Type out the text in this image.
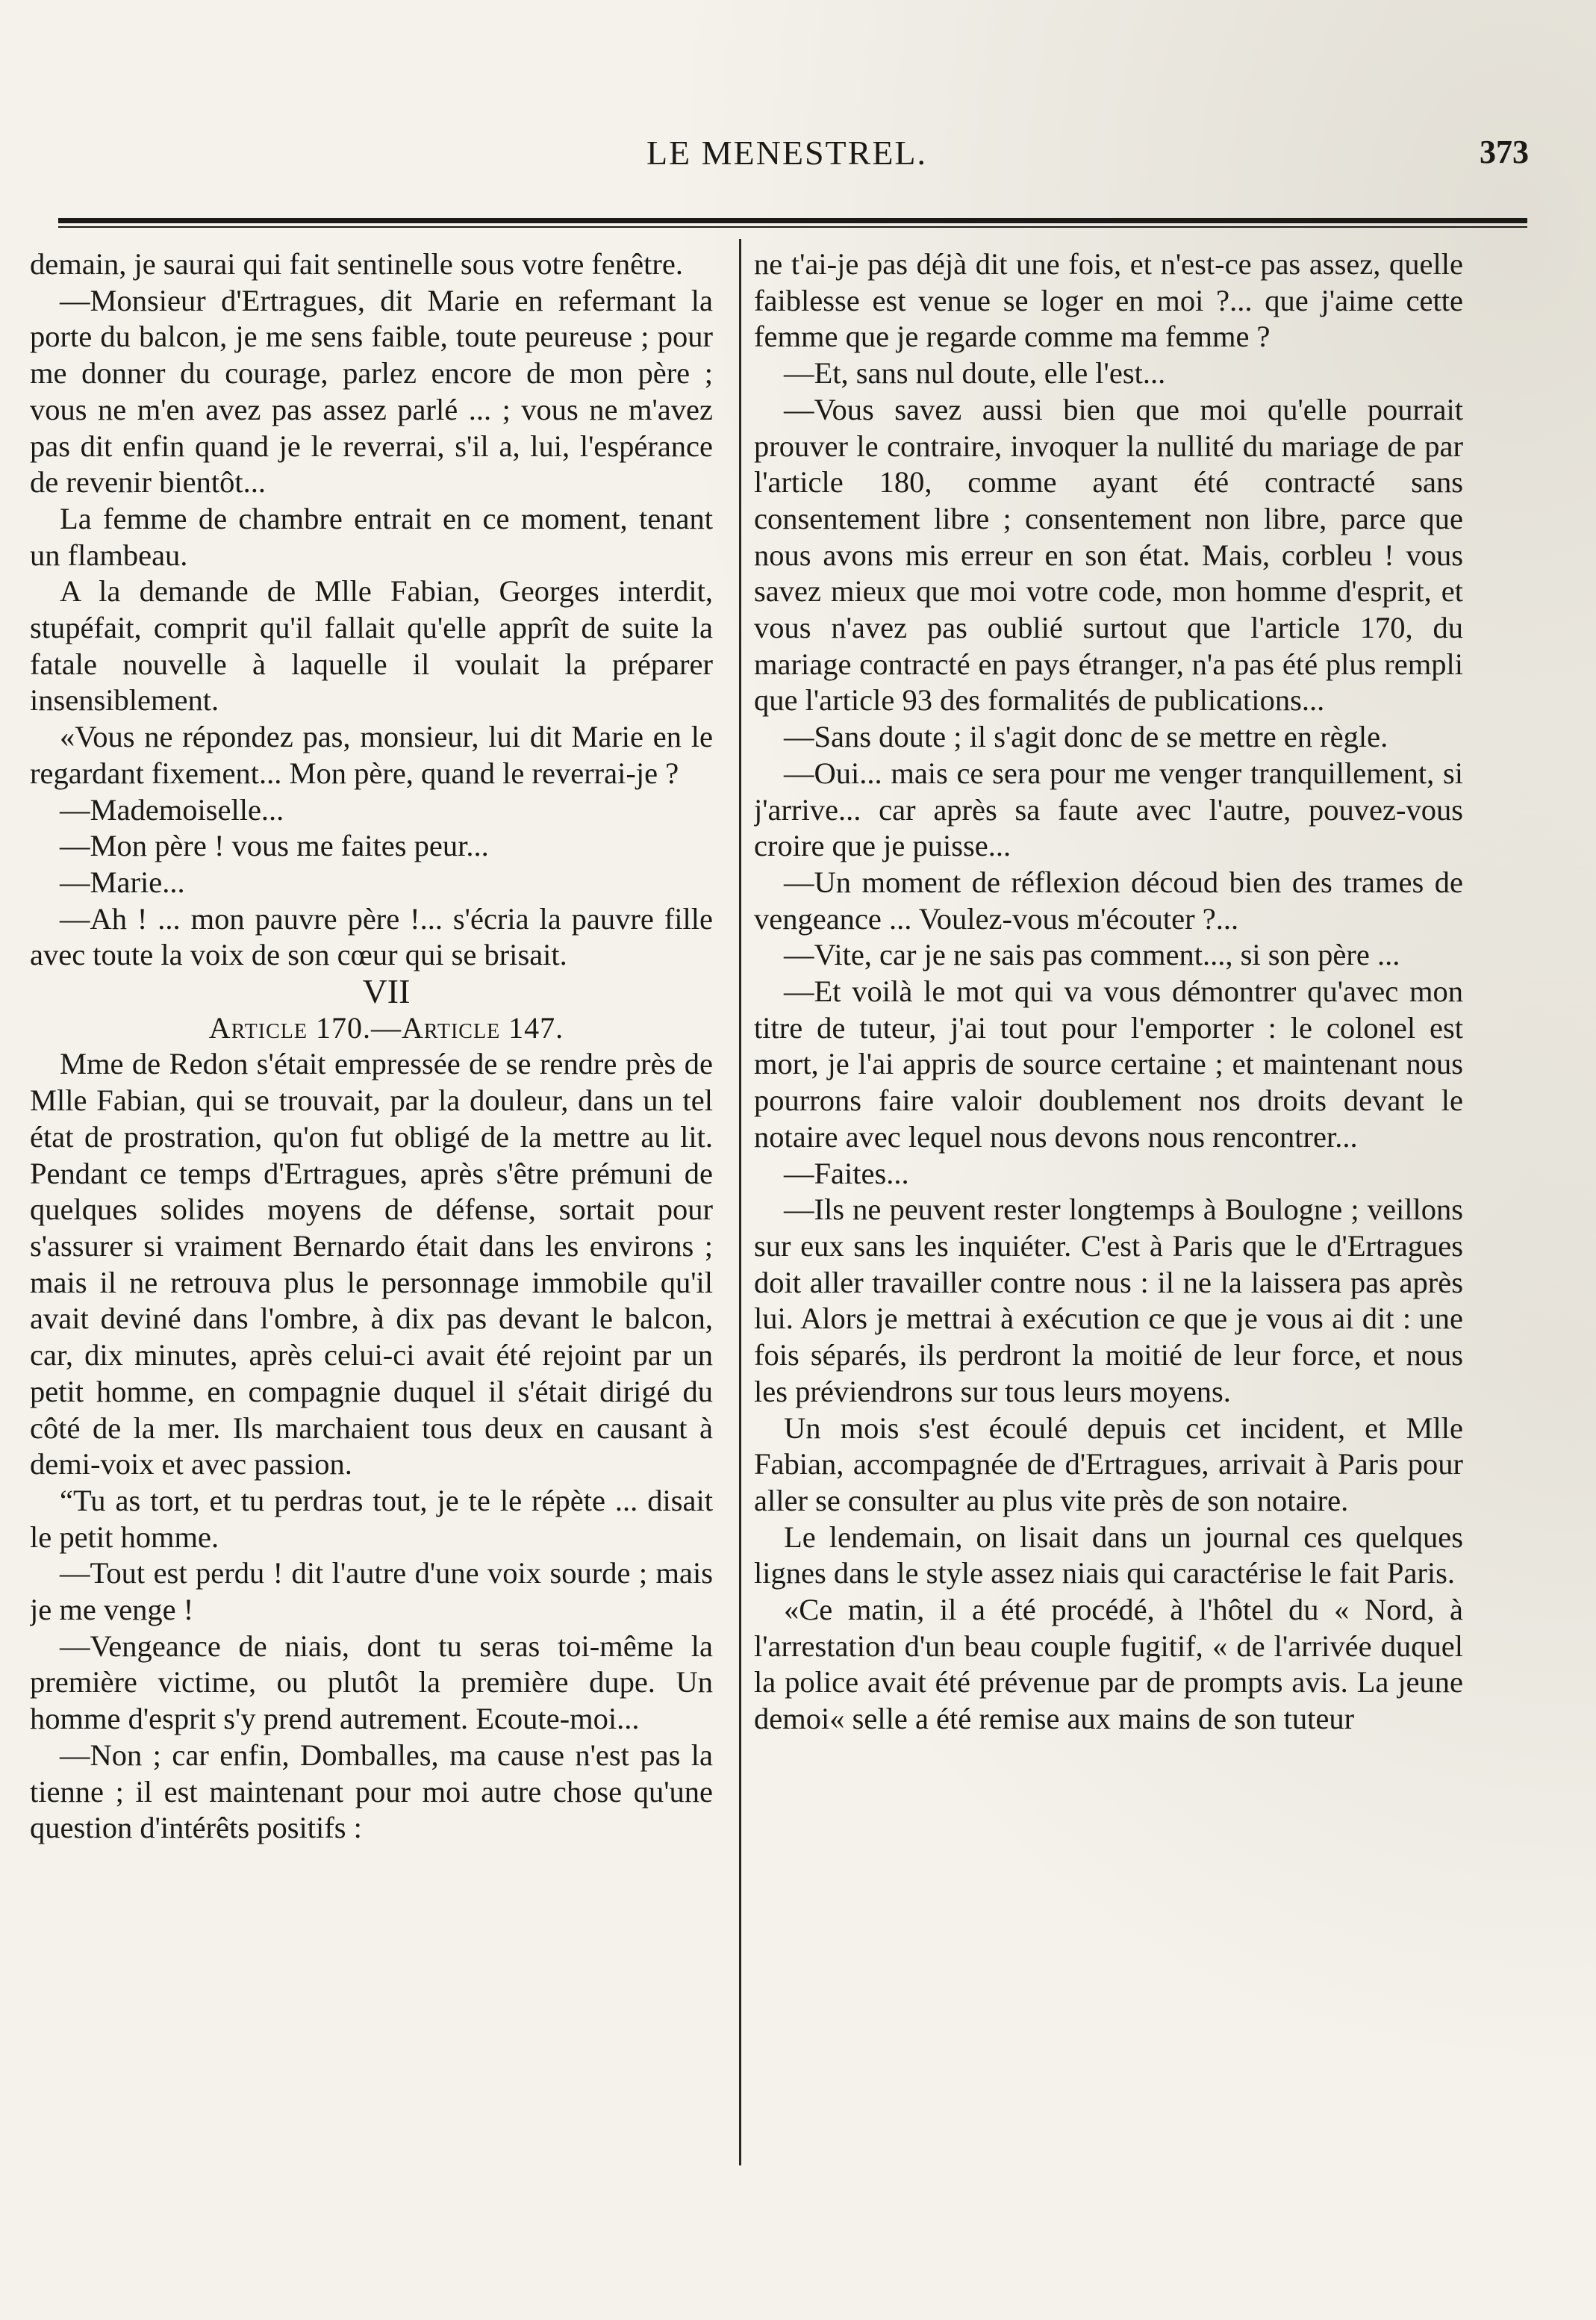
LE MENESTREL.	373

demain, je saurai qui fait sentinelle sous votre fenêtre.

—Monsieur d'Ertragues, dit Marie en refermant la porte du balcon, je me sens faible, toute peureuse ; pour me donner du courage, parlez encore de mon père ; vous ne m'en avez pas assez parlé ... ; vous ne m'avez pas dit enfin quand je le reverrai, s'il a, lui, l'espérance de revenir bientôt...

La femme de chambre entrait en ce moment, tenant un flambeau.

A la demande de Mlle Fabian, Georges interdit, stupéfait, comprit qu'il fallait qu'elle apprît de suite la fatale nouvelle à laquelle il voulait la préparer insensiblement.

«Vous ne répondez pas, monsieur, lui dit Marie en le regardant fixement... Mon père, quand le reverrai-je ?

—Mademoiselle...

—Mon père ! vous me faites peur...

—Marie...

—Ah ! ... mon pauvre père !... s'écria la pauvre fille avec toute la voix de son cœur qui se brisait.

VII

Article 170.—Article 147.

Mme de Redon s'était empressée de se rendre près de Mlle Fabian, qui se trouvait, par la douleur, dans un tel état de prostration, qu'on fut obligé de la mettre au lit. Pendant ce temps d'Ertragues, après s'être prémuni de quelques solides moyens de défense, sortait pour s'assurer si vraiment Bernardo était dans les environs ; mais il ne retrouva plus le personnage immobile qu'il avait deviné dans l'ombre, à dix pas devant le balcon, car, dix minutes, après celui-ci avait été rejoint par un petit homme, en compagnie duquel il s'était dirigé du côté de la mer. Ils marchaient tous deux en causant à demi-voix et avec passion.

“Tu as tort, et tu perdras tout, je te le répète ... disait le petit homme.

—Tout est perdu ! dit l'autre d'une voix sourde ; mais je me venge !

—Vengeance de niais, dont tu seras toi-même la première victime, ou plutôt la première dupe. Un homme d'esprit s'y prend autrement. Ecoute-moi...

—Non ; car enfin, Domballes, ma cause n'est pas la tienne ; il est maintenant pour moi autre chose qu'une question d'intérêts positifs :

ne t'ai-je pas déjà dit une fois, et n'est-ce pas assez, quelle faiblesse est venue se loger en moi ?... que j'aime cette femme que je regarde comme ma femme ?

—Et, sans nul doute, elle l'est...

—Vous savez aussi bien que moi qu'elle pourrait prouver le contraire, invoquer la nullité du mariage de par l'article 180, comme ayant été contracté sans consentement libre ; consentement non libre, parce que nous avons mis erreur en son état. Mais, corbleu ! vous savez mieux que moi votre code, mon homme d'esprit, et vous n'avez pas oublié surtout que l'article 170, du mariage contracté en pays étranger, n'a pas été plus rempli que l'article 93 des formalités de publications...

—Sans doute ; il s'agit donc de se mettre en règle.

—Oui... mais ce sera pour me venger tranquillement, si j'arrive... car après sa faute avec l'autre, pouvez-vous croire que je puisse...

—Un moment de réflexion découd bien des trames de vengeance ... Voulez-vous m'écouter ?...

—Vite, car je ne sais pas comment..., si son père ...

—Et voilà le mot qui va vous démontrer qu'avec mon titre de tuteur, j'ai tout pour l'emporter : le colonel est mort, je l'ai appris de source certaine ; et maintenant nous pourrons faire valoir doublement nos droits devant le notaire avec lequel nous devons nous rencontrer...

—Faites...

—Ils ne peuvent rester longtemps à Boulogne ; veillons sur eux sans les inquiéter. C'est à Paris que le d'Ertragues doit aller travailler contre nous : il ne la laissera pas après lui. Alors je mettrai à exécution ce que je vous ai dit : une fois séparés, ils perdront la moitié de leur force, et nous les préviendrons sur tous leurs moyens.

Un mois s'est écoulé depuis cet incident, et Mlle Fabian, accompagnée de d'Ertragues, arrivait à Paris pour aller se consulter au plus vite près de son notaire.

Le lendemain, on lisait dans un journal ces quelques lignes dans le style assez niais qui caractérise le fait Paris.

«Ce matin, il a été procédé, à l'hôtel du « Nord, à l'arrestation d'un beau couple fugitif, « de l'arrivée duquel la police avait été prévenue par de prompts avis. La jeune demoi« selle a été remise aux mains de son tuteur
